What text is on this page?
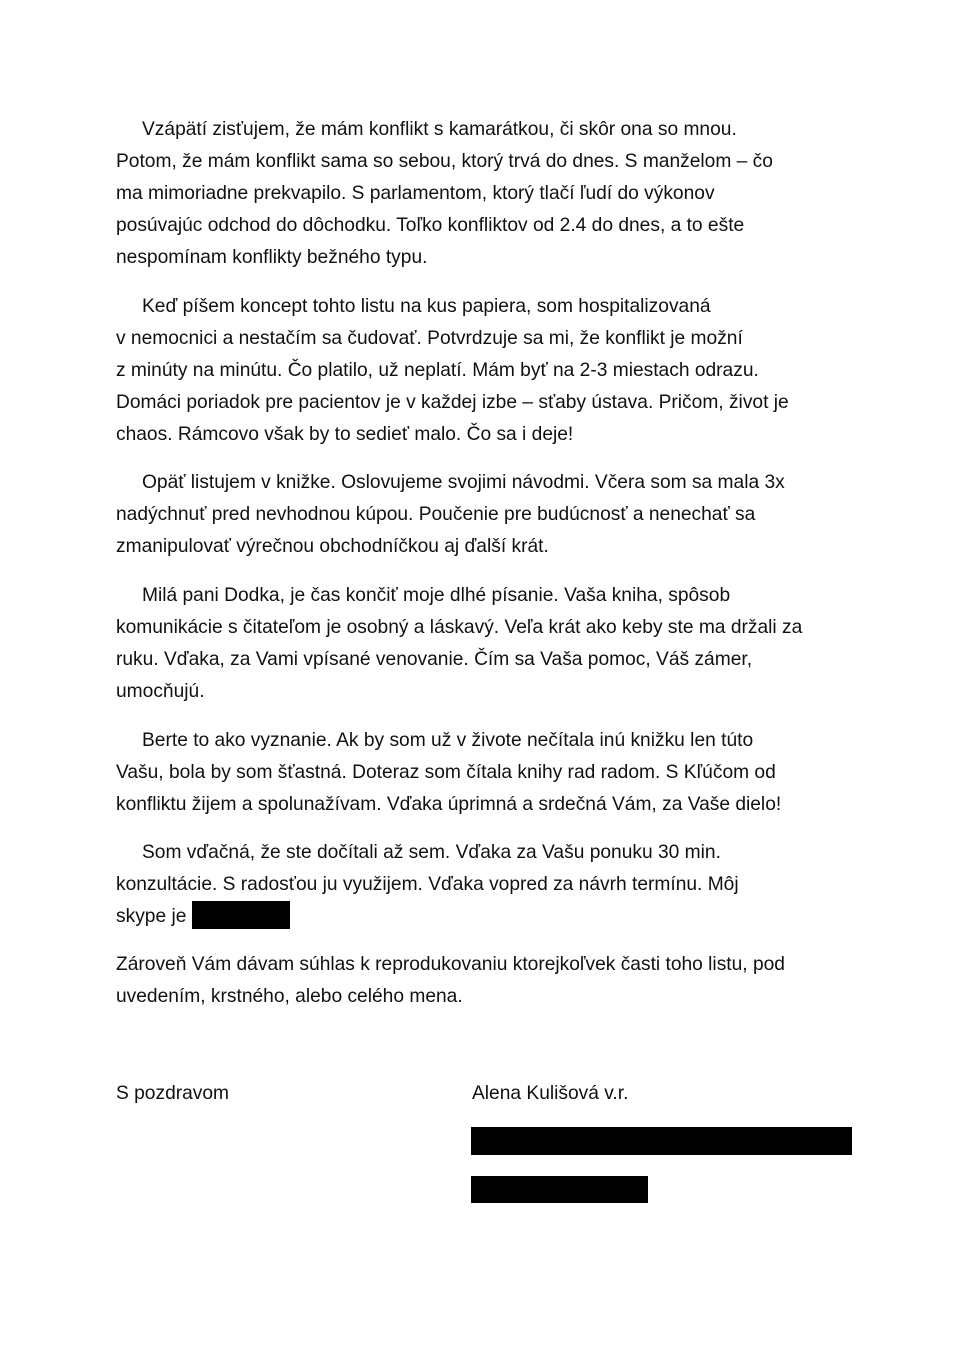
Vzápätí zisťujem, že mám konflikt s kamarátkou, či skôr ona so mnou.
Potom, že mám konflikt sama so sebou, ktorý trvá do dnes. S manželom – čo
ma mimoriadne prekvapilo. S parlamentom, ktorý tlačí ľudí do výkonov
posúvajúc odchod do dôchodku. Toľko konfliktov od 2.4 do dnes, a to ešte
nespomínam konflikty bežného typu.
Keď píšem koncept tohto listu na kus papiera, som hospitalizovaná
v nemocnici a nestačím sa čudovať. Potvrdzuje sa mi, že konflikt je možní
z minúty na minútu. Čo platilo, už neplatí. Mám byť na 2-3 miestach odrazu.
Domáci poriadok pre pacientov je v každej izbe – sťaby ústava. Pričom, život je
chaos. Rámcovo však by to sedieť malo. Čo sa i deje!
Opäť listujem v knižke. Oslovujeme svojimi návodmi. Včera som sa mala 3x
nadýchnuť pred nevhodnou kúpou. Poučenie pre budúcnosť a nenechať sa
zmanipulovať výrečnou obchodníčkou aj ďalší krát.
Milá pani Dodka, je čas končiť moje dlhé písanie. Vaša kniha, spôsob
komunikácie s čitateľom je osobný a láskavý. Veľa krát ako keby ste ma držali za
ruku. Vďaka, za Vami vpísané venovanie. Čím sa Vaša pomoc, Váš zámer,
umocňujú.
Berte to ako vyznanie. Ak by som už v živote nečítala inú knižku len túto
Vašu, bola by som šťastná. Doteraz som čítala knihy rad radom. S Kľúčom od
konfliktu žijem a spolunažívam. Vďaka úprimná a srdečná Vám, za Vaše dielo!
Som vďačná, že ste dočítali až sem. Vďaka za Vašu ponuku 30 min.
konzultácie. S radosťou ju využijem. Vďaka vopred za návrh termínu. Môj
skype je
Zároveň Vám dávam súhlas k reprodukovaniu ktorejkoľvek časti toho listu, pod
uvedením, krstného, alebo celého mena.
S pozdravom	Alena Kulišová v.r.
